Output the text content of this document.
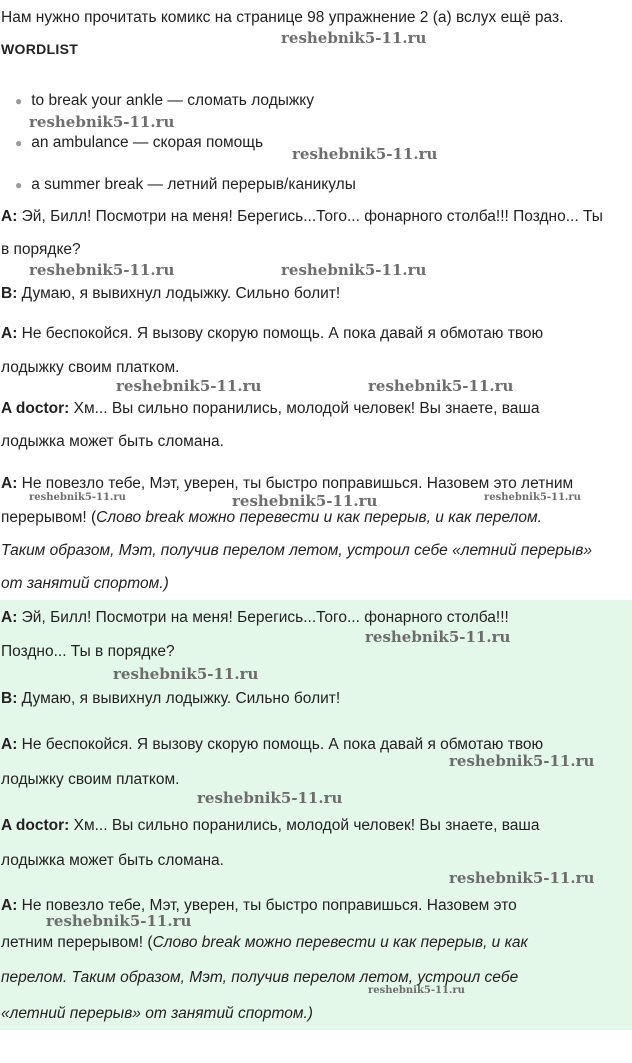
Нам нужно прочитать комикс на странице 98 упражнение 2 (а) вслух ещё раз.
WORDLIST
● to break your ankle — сломать лодыжку
● an ambulance — скорая помощь
● a summer break — летний перерыв/каникулы
A: Эй, Билл! Посмотри на меня! Берегись...Того... фонарного столба!!! Поздно... Ты
в порядке?
B: Думаю, я вывихнул лодыжку. Сильно болит!
A: Не беспокойся. Я вызову скорую помощь. А пока давай я обмотаю твою
лодыжку своим платком.
A doctor: Хм... Вы сильно поранились, молодой человек! Вы знаете, ваша
лодыжка может быть сломана.
A: Не повезло тебе, Мэт, уверен, ты быстро поправишься. Назовем это летним
перерывом! (Слово break можно перевести и как перерыв, и как перелом.
Таким образом, Мэт, получив перелом летом, устроил себе «летний перерыв»
от занятий спортом.)
A: Эй, Билл! Посмотри на меня! Берегись...Того... фонарного столба!!!
Поздно... Ты в порядке?
B: Думаю, я вывихнул лодыжку. Сильно болит!
A: Не беспокойся. Я вызову скорую помощь. А пока давай я обмотаю твою
лодыжку своим платком.
A doctor: Хм... Вы сильно поранились, молодой человек! Вы знаете, ваша
лодыжка может быть сломана.
A: Не повезло тебе, Мэт, уверен, ты быстро поправишься. Назовем это
летним перерывом! (Слово break можно перевести и как перерыв, и как
перелом. Таким образом, Мэт, получив перелом летом, устроил себе
«летний перерыв» от занятий спортом.)
reshebnik5-11.ru
reshebnik5-11.ru
reshebnik5-11.ru
reshebnik5-11.ru	reshebnik5-11.ru
reshebnik5-11.ru	reshebnik5-11.ru
reshebnik5-11.ru	reshebnik5-11.ru	reshebnik5-11.ru
reshebnik5-11.ru
reshebnik5-11.ru
reshebnik5-11.ru
reshebnik5-11.ru
reshebnik5-11.ru
reshebnik5-11.ru
reshebnik5-11.ru
